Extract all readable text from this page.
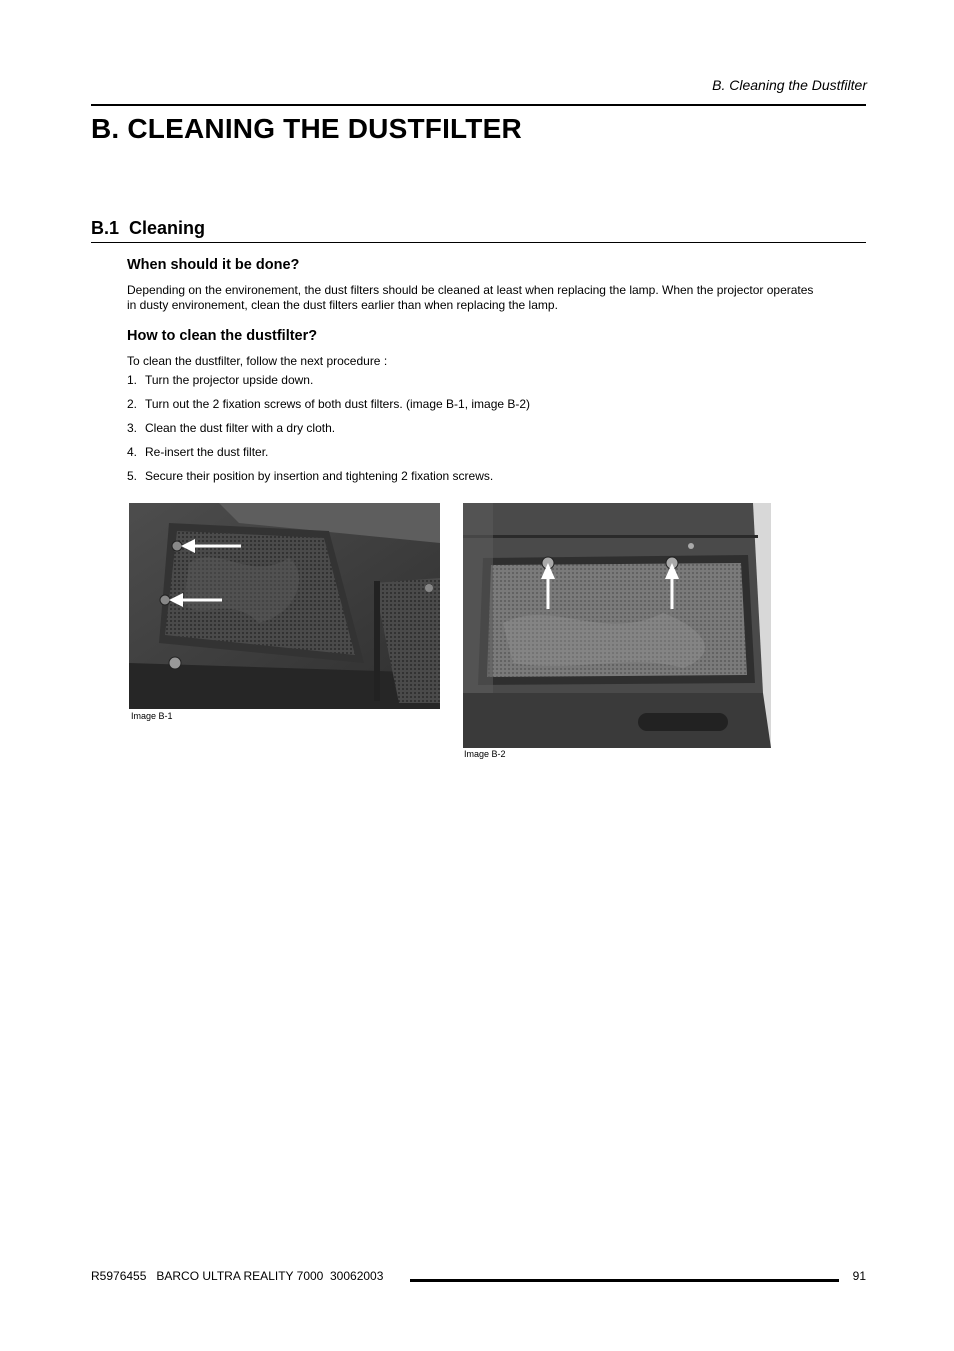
B. Cleaning the Dustfilter
B. CLEANING THE DUSTFILTER
B.1 Cleaning
When should it be done?
Depending on the environement, the dust filters should be cleaned at least when replacing the lamp. When the projector operates
in dusty environement, clean the dust filters earlier than when replacing the lamp.
How to clean the dustfilter?
To clean the dustfilter, follow the next procedure :
1. Turn the projector upside down.
2. Turn out the 2 fixation screws of both dust filters. (image B-1, image B-2)
3. Clean the dust filter with a dry cloth.
4. Re-insert the dust filter.
5. Secure their position by insertion and tightening 2 fixation screws.
Image B-1
Image B-2
R5976455   BARCO ULTRA REALITY 7000  30062003	91
